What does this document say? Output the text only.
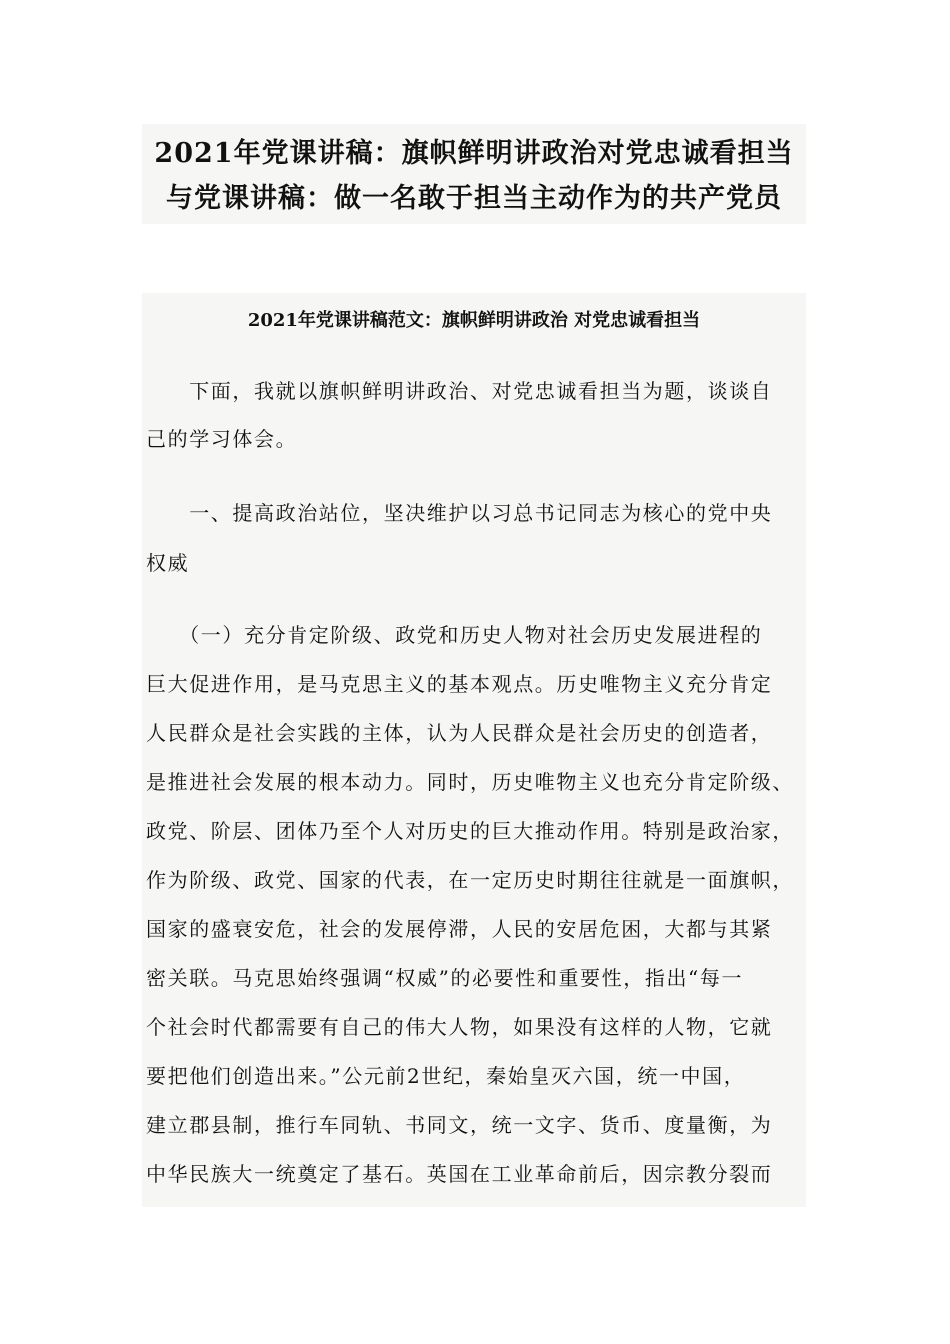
2021年党课讲稿：旗帜鲜明讲政治对党忠诚看担当
与党课讲稿：做一名敢于担当主动作为的共产党员
2021年党课讲稿范文：旗帜鲜明讲政治 对党忠诚看担当
　　下面，我就以旗帜鲜明讲政治、对党忠诚看担当为题，谈谈自
己的学习体会。
　　一、提高政治站位，坚决维护以习总书记同志为核心的党中央
权威
　　（一）充分肯定阶级、政党和历史人物对社会历史发展进程的
巨大促进作用，是马克思主义的基本观点。历史唯物主义充分肯定
人民群众是社会实践的主体，认为人民群众是社会历史的创造者，
是推进社会发展的根本动力。同时，历史唯物主义也充分肯定阶级、
政党、阶层、团体乃至个人对历史的巨大推动作用。特别是政治家，
作为阶级、政党、国家的代表，在一定历史时期往往就是一面旗帜，
国家的盛衰安危，社会的发展停滞，人民的安居危困，大都与其紧
密关联。马克思始终强调“权威”的必要性和重要性，指出“每一
个社会时代都需要有自己的伟大人物，如果没有这样的人物，它就
要把他们创造出来。”公元前2世纪，秦始皇灭六国，统一中国，
建立郡县制，推行车同轨、书同文，统一文字、货币、度量衡，为
中华民族大一统奠定了基石。英国在工业革命前后，因宗教分裂而
